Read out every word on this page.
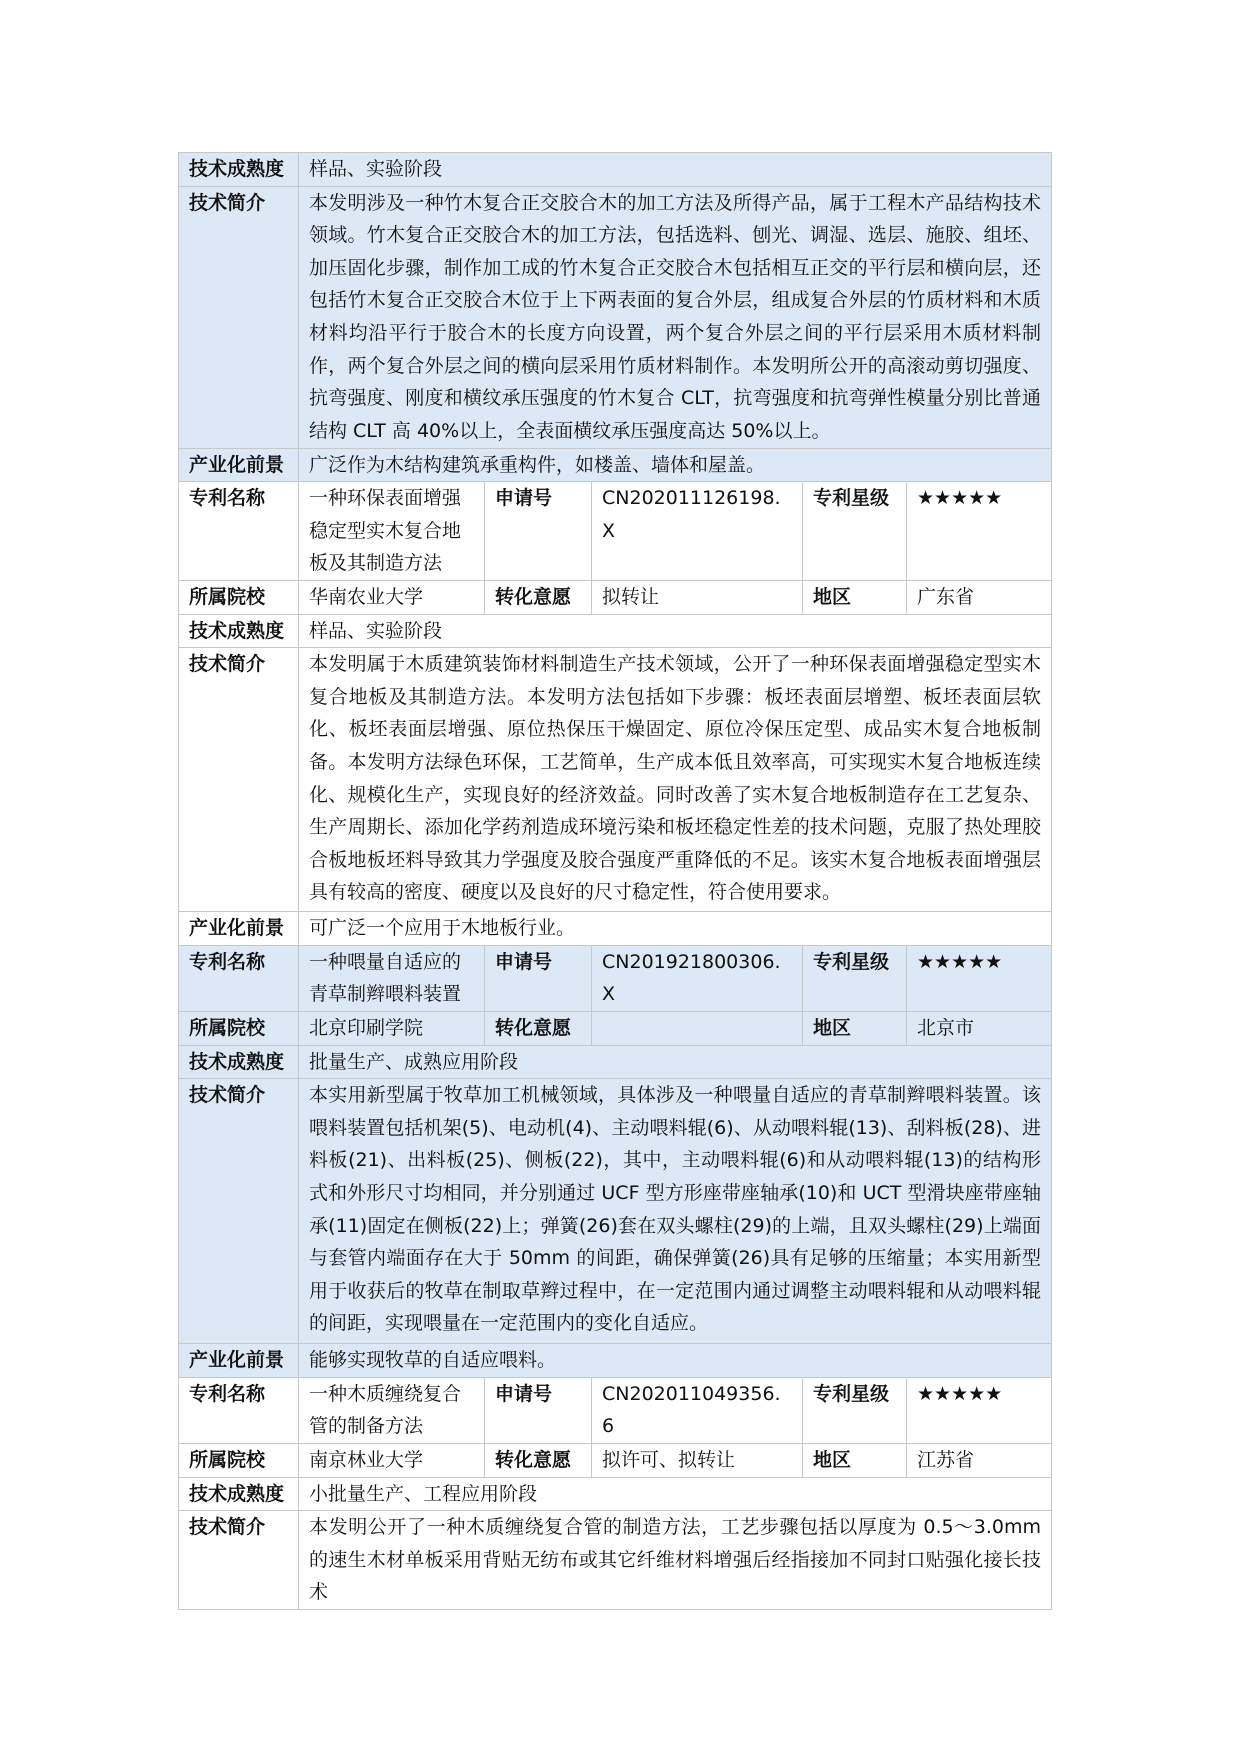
技术成熟度	样品、实验阶段				
技术简介	本发明涉及一种竹木复合正交胶合木的加工方法及所得产品，属于工程木产品结构技术领域。竹木复合正交胶合木的加工方法，包括选料、刨光、调湿、选层、施胶、组坯、加压固化步骤，制作加工成的竹木复合正交胶合木包括相互正交的平行层和横向层，还包括竹木复合正交胶合木位于上下两表面的复合外层，组成复合外层的竹质材料和木质材料均沿平行于胶合木的长度方向设置，两个复合外层之间的平行层采用木质材料制作，两个复合外层之间的横向层采用竹质材料制作。本发明所公开的高滚动剪切强度、抗弯强度、刚度和横纹承压强度的竹木复合 CLT，抗弯强度和抗弯弹性模量分别比普通结构 CLT 高 40%以上，全表面横纹承压强度高达 50%以上。				
产业化前景	广泛作为木结构建筑承重构件，如楼盖、墙体和屋盖。				
专利名称	一种环保表面增强稳定型实木复合地板及其制造方法	申请号	CN202011126198.X	专利星级	★★★★★
所属院校	华南农业大学	转化意愿	拟转让	地区	广东省
技术成熟度	样品、实验阶段				
技术简介	本发明属于木质建筑装饰材料制造生产技术领域，公开了一种环保表面增强稳定型实木复合地板及其制造方法。本发明方法包括如下步骤：板坯表面层增塑、板坯表面层软化、板坯表面层增强、原位热保压干燥固定、原位冷保压定型、成品实木复合地板制备。本发明方法绿色环保，工艺简单，生产成本低且效率高，可实现实木复合地板连续化、规模化生产，实现良好的经济效益。同时改善了实木复合地板制造存在工艺复杂、生产周期长、添加化学药剂造成环境污染和板坯稳定性差的技术问题，克服了热处理胶合板地板坯料导致其力学强度及胶合强度严重降低的不足。该实木复合地板表面增强层具有较高的密度、硬度以及良好的尺寸稳定性，符合使用要求。				
产业化前景	可广泛一个应用于木地板行业。				
专利名称	一种喂量自适应的青草制辫喂料装置	申请号	CN201921800306.X	专利星级	★★★★★
所属院校	北京印刷学院	转化意愿		地区	北京市
技术成熟度	批量生产、成熟应用阶段				
技术简介	本实用新型属于牧草加工机械领域，具体涉及一种喂量自适应的青草制辫喂料装置。该喂料装置包括机架(5)、电动机(4)、主动喂料辊(6)、从动喂料辊(13)、刮料板(28)、进料板(21)、出料板(25)、侧板(22)，其中，主动喂料辊(6)和从动喂料辊(13)的结构形式和外形尺寸均相同，并分别通过 UCF 型方形座带座轴承(10)和 UCT 型滑块座带座轴承(11)固定在侧板(22)上；弹簧(26)套在双头螺柱(29)的上端，且双头螺柱(29)上端面与套管内端面存在大于 50mm 的间距，确保弹簧(26)具有足够的压缩量；本实用新型用于收获后的牧草在制取草辫过程中，在一定范围内通过调整主动喂料辊和从动喂料辊的间距，实现喂量在一定范围内的变化自适应。				
产业化前景	能够实现牧草的自适应喂料。				
专利名称	一种木质缠绕复合管的制备方法	申请号	CN202011049356.6	专利星级	★★★★★
所属院校	南京林业大学	转化意愿	拟许可、拟转让	地区	江苏省
技术成熟度	小批量生产、工程应用阶段				
技术简介	本发明公开了一种木质缠绕复合管的制造方法，工艺步骤包括以厚度为 0.5～3.0mm 的速生木材单板采用背贴无纺布或其它纤维材料增强后经指接加不同封口贴强化接长技术				
